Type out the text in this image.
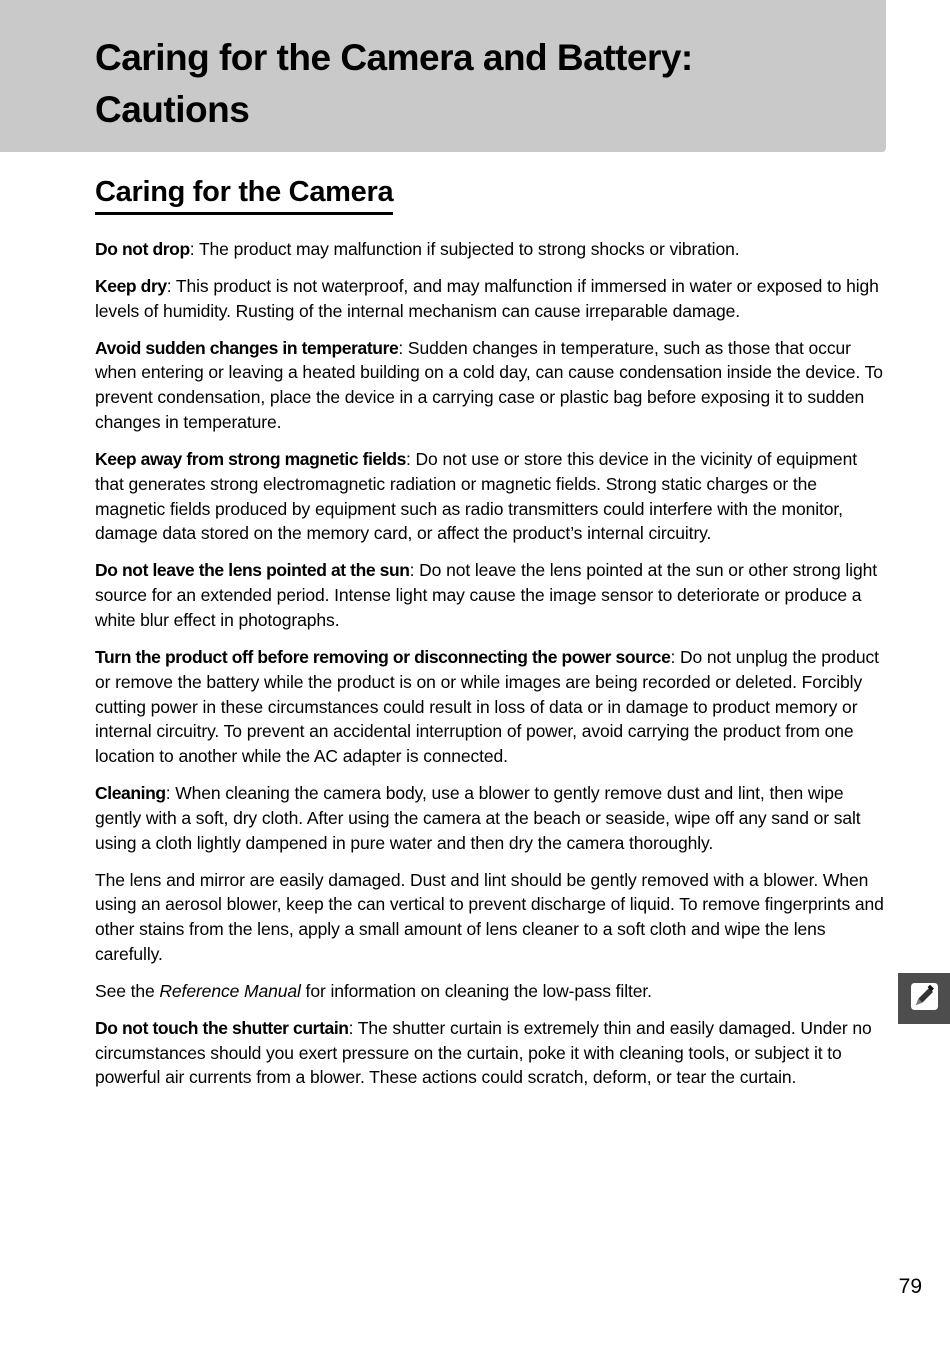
Caring for the Camera and Battery:
Cautions
Caring for the Camera

Do not drop: The product may malfunction if subjected to strong shocks or vibration.

Keep dry: This product is not waterproof, and may malfunction if immersed in water or exposed to high levels of humidity. Rusting of the internal mechanism can cause irreparable damage.

Avoid sudden changes in temperature: Sudden changes in temperature, such as those that occur when entering or leaving a heated building on a cold day, can cause condensation inside the device. To prevent condensation, place the device in a carrying case or plastic bag before exposing it to sudden changes in temperature.

Keep away from strong magnetic fields: Do not use or store this device in the vicinity of equipment that generates strong electromagnetic radiation or magnetic fields. Strong static charges or the magnetic fields produced by equipment such as radio transmitters could interfere with the monitor, damage data stored on the memory card, or affect the product’s internal circuitry.

Do not leave the lens pointed at the sun: Do not leave the lens pointed at the sun or other strong light source for an extended period. Intense light may cause the image sensor to deteriorate or produce a white blur effect in photographs.

Turn the product off before removing or disconnecting the power source: Do not unplug the product or remove the battery while the product is on or while images are being recorded or deleted. Forcibly cutting power in these circumstances could result in loss of data or in damage to product memory or internal circuitry. To prevent an accidental interruption of power, avoid carrying the product from one location to another while the AC adapter is connected.

Cleaning: When cleaning the camera body, use a blower to gently remove dust and lint, then wipe gently with a soft, dry cloth. After using the camera at the beach or seaside, wipe off any sand or salt using a cloth lightly dampened in pure water and then dry the camera thoroughly.

The lens and mirror are easily damaged. Dust and lint should be gently removed with a blower. When using an aerosol blower, keep the can vertical to prevent discharge of liquid. To remove fingerprints and other stains from the lens, apply a small amount of lens cleaner to a soft cloth and wipe the lens carefully.

See the Reference Manual for information on cleaning the low-pass filter.

Do not touch the shutter curtain: The shutter curtain is extremely thin and easily damaged. Under no circumstances should you exert pressure on the curtain, poke it with cleaning tools, or subject it to powerful air currents from a blower. These actions could scratch, deform, or tear the curtain.

79
